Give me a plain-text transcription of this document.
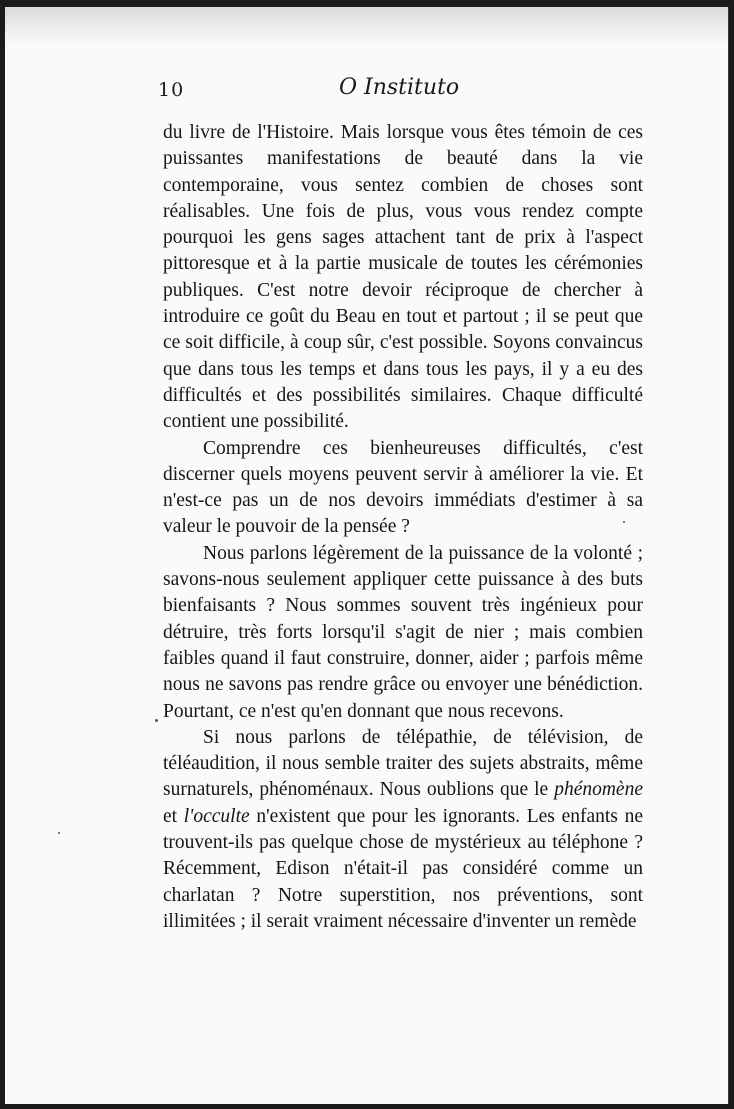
10	O Instituto

du livre de l'Histoire. Mais lorsque vous êtes témoin de ces puissantes manifestations de beauté dans la vie contemporaine, vous sentez combien de choses sont réalisables. Une fois de plus, vous vous rendez compte pourquoi les gens sages attachent tant de prix à l'aspect pittoresque et à la partie musicale de toutes les cérémonies publiques. C'est notre devoir réciproque de chercher à introduire ce goût du Beau en tout et partout ; il se peut que ce soit difficile, à coup sûr, c'est possible. Soyons convaincus que dans tous les temps et dans tous les pays, il y a eu des difficultés et des possibilités similaires. Chaque difficulté contient une possibilité.

Comprendre ces bienheureuses difficultés, c'est discerner quels moyens peuvent servir à améliorer la vie. Et n'est-ce pas un de nos devoirs immédiats d'estimer à sa valeur le pouvoir de la pensée ?

Nous parlons légèrement de la puissance de la volonté ; savons-nous seulement appliquer cette puissance à des buts bienfaisants ? Nous sommes souvent très ingénieux pour détruire, très forts lorsqu'il s'agit de nier ; mais combien faibles quand il faut construire, donner, aider ; parfois même nous ne savons pas rendre grâce ou envoyer une bénédiction. Pourtant, ce n'est qu'en donnant que nous recevons.

Si nous parlons de télépathie, de télévision, de téléaudition, il nous semble traiter des sujets abstraits, même surnaturels, phénoménaux. Nous oublions que le phénomène et l'occulte n'existent que pour les ignorants. Les enfants ne trouvent-ils pas quelque chose de mystérieux au téléphone ? Récemment, Edison n'était-il pas considéré comme un charlatan ? Notre superstition, nos préventions, sont illimitées ; il serait vraiment nécessaire d'inventer un remède
